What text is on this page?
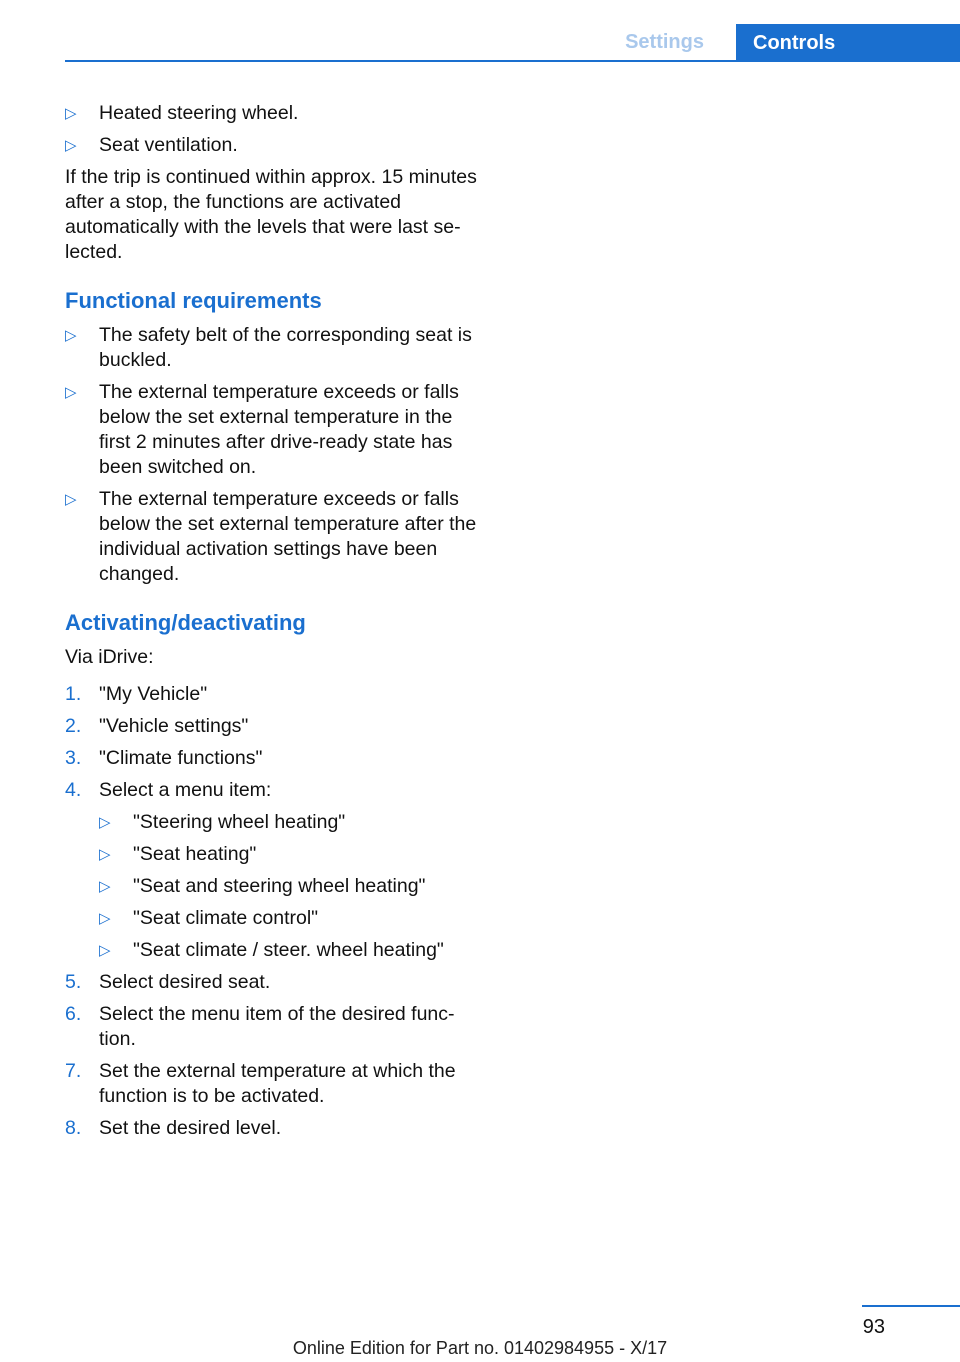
Settings	Controls
▷ Heated steering wheel.
▷ Seat ventilation.

If the trip is continued within approx. 15 minutes after a stop, the functions are activated automatically with the levels that were last selected.

Functional requirements
▷ The safety belt of the corresponding seat is buckled.
▷ The external temperature exceeds or falls below the set external temperature in the first 2 minutes after drive-ready state has been switched on.
▷ The external temperature exceeds or falls below the set external temperature after the individual activation settings have been changed.
Activating/deactivating

Via iDrive:

1. "My Vehicle"
2. "Vehicle settings"
3. "Climate functions"
4. Select a menu item:
▷ "Steering wheel heating"
▷ "Seat heating"
▷ "Seat and steering wheel heating"
▷ "Seat climate control"
▷ "Seat climate / steer. wheel heating"
5. Select desired seat.
6. Select the menu item of the desired function.
7. Set the external temperature at which the function is to be activated.
8. Set the desired level.
93
Online Edition for Part no. 01402984955 - X/17
